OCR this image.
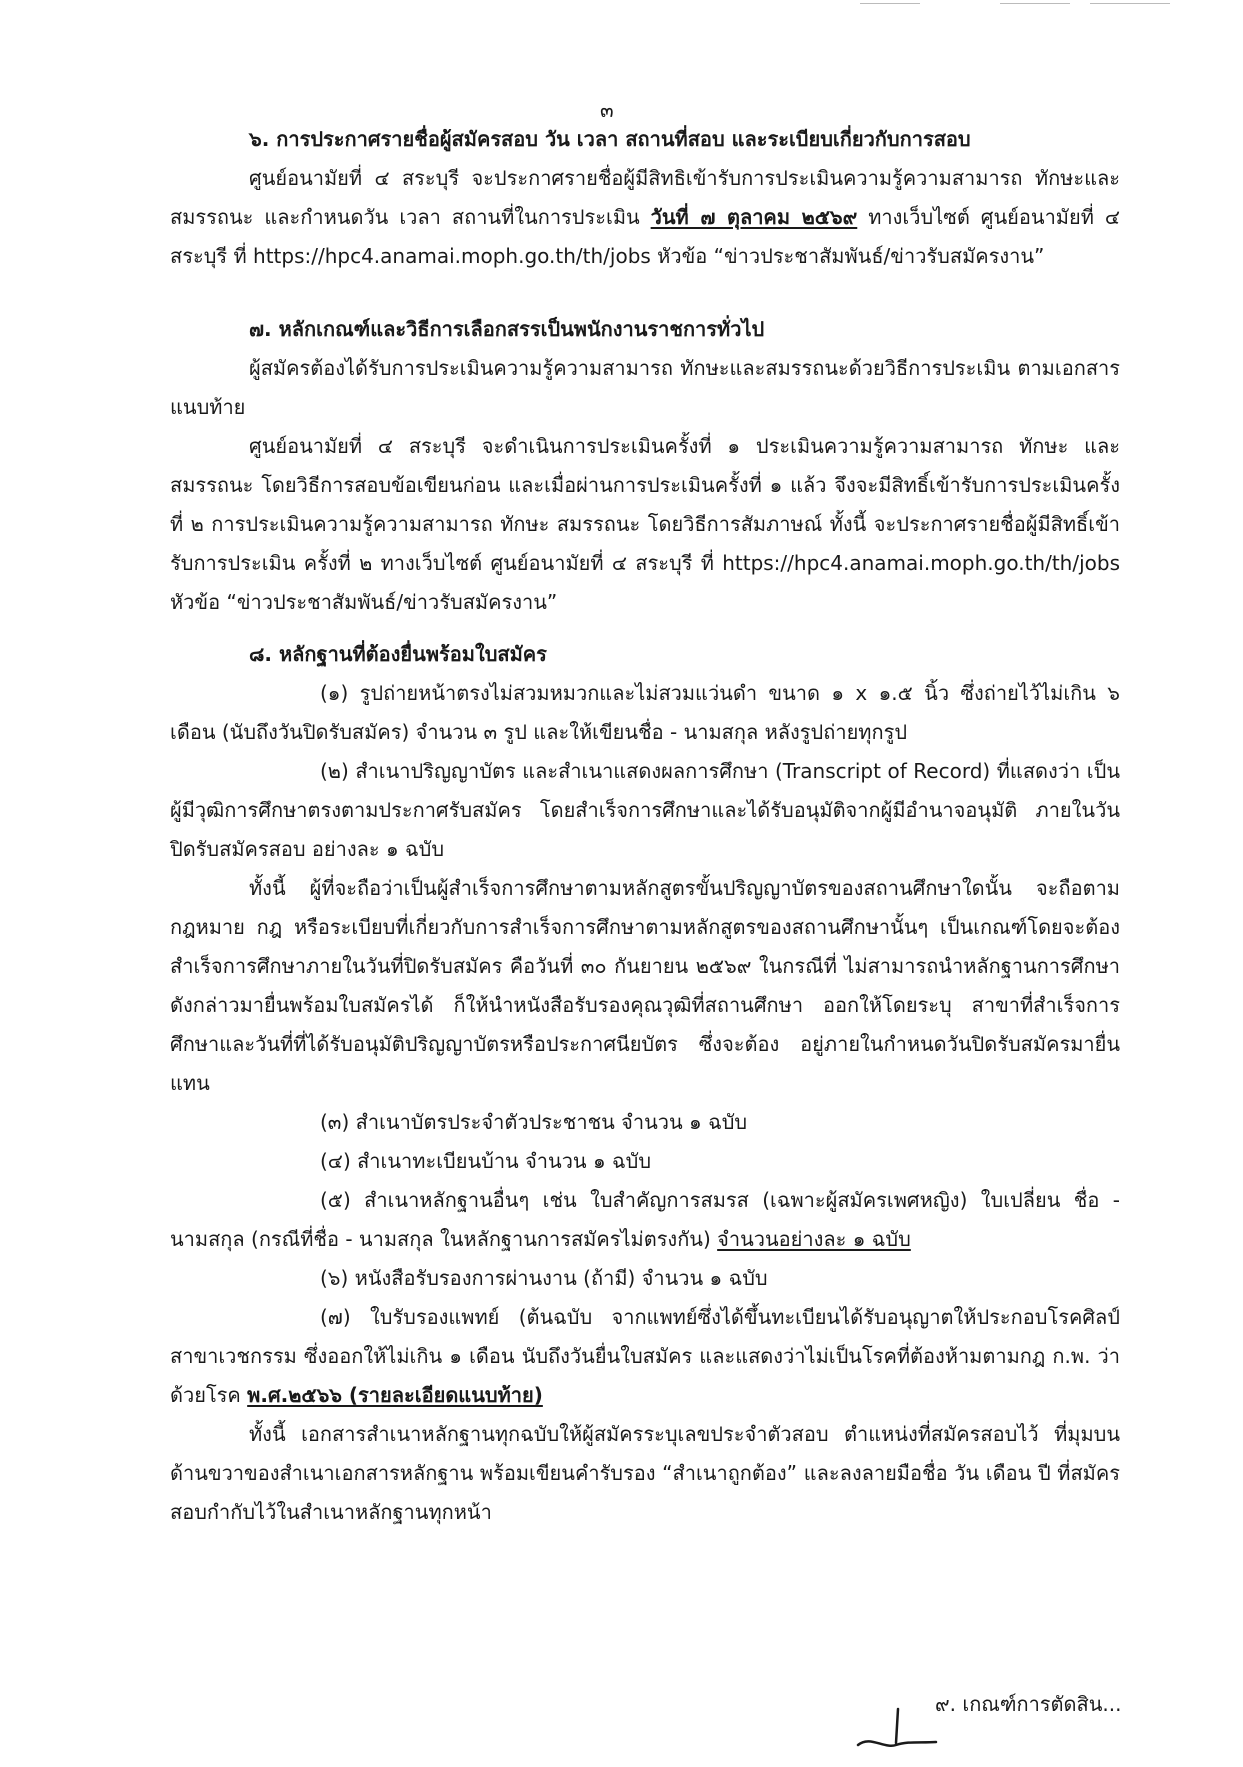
๓

๖. การประกาศรายชื่อผู้สมัครสอบ วัน เวลา สถานที่สอบ และระเบียบเกี่ยวกับการสอบ

ศูนย์อนามัยที่ ๔ สระบุรี จะประกาศรายชื่อผู้มีสิทธิเข้ารับการประเมินความรู้ความสามารถ ทักษะและสมรรถนะ และกำหนดวัน เวลา สถานที่ในการประเมิน วันที่ ๗ ตุลาคม ๒๕๖๙ ทางเว็บไซต์ ศูนย์อนามัยที่ ๔ สระบุรี ที่ https://hpc4.anamai.moph.go.th/th/jobs หัวข้อ “ข่าวประชาสัมพันธ์/ข่าวรับสมัครงาน”

๗. หลักเกณฑ์และวิธีการเลือกสรรเป็นพนักงานราชการทั่วไป

ผู้สมัครต้องได้รับการประเมินความรู้ความสามารถ ทักษะและสมรรถนะด้วยวิธีการประเมิน ตามเอกสารแนบท้าย

ศูนย์อนามัยที่ ๔ สระบุรี จะดำเนินการประเมินครั้งที่ ๑ ประเมินความรู้ความสามารถ ทักษะ และ สมรรถนะ โดยวิธีการสอบข้อเขียนก่อน และเมื่อผ่านการประเมินครั้งที่ ๑ แล้ว จึงจะมีสิทธิ์เข้ารับการประเมินครั้งที่ ๒ การประเมินความรู้ความสามารถ ทักษะ สมรรถนะ โดยวิธีการสัมภาษณ์ ทั้งนี้ จะประกาศรายชื่อผู้มีสิทธิ์เข้ารับการประเมิน ครั้งที่ ๒ ทางเว็บไซต์ ศูนย์อนามัยที่ ๔ สระบุรี ที่ https://hpc4.anamai.moph.go.th/th/jobs หัวข้อ “ข่าวประชาสัมพันธ์/ข่าวรับสมัครงาน”

๘. หลักฐานที่ต้องยื่นพร้อมใบสมัคร

(๑) รูปถ่ายหน้าตรงไม่สวมหมวกและไม่สวมแว่นดำ ขนาด ๑ x ๑.๕ นิ้ว ซึ่งถ่ายไว้ไม่เกิน ๖ เดือน (นับถึงวันปิดรับสมัคร) จำนวน ๓ รูป และให้เขียนชื่อ - นามสกุล หลังรูปถ่ายทุกรูป

(๒) สำเนาปริญญาบัตร และสำเนาแสดงผลการศึกษา (Transcript of Record) ที่แสดงว่า เป็นผู้มีวุฒิการศึกษาตรงตามประกาศรับสมัคร โดยสำเร็จการศึกษาและได้รับอนุมัติจากผู้มีอำนาจอนุมัติ ภายในวันปิดรับสมัครสอบ อย่างละ ๑ ฉบับ

ทั้งนี้ ผู้ที่จะถือว่าเป็นผู้สำเร็จการศึกษาตามหลักสูตรขั้นปริญญาบัตรของสถานศึกษาใดนั้น จะถือตามกฎหมาย กฎ หรือระเบียบที่เกี่ยวกับการสำเร็จการศึกษาตามหลักสูตรของสถานศึกษานั้นๆ เป็นเกณฑ์โดยจะต้องสำเร็จการศึกษาภายในวันที่ปิดรับสมัคร คือวันที่ ๓๐ กันยายน ๒๕๖๙ ในกรณีที่ ไม่สามารถนำหลักฐานการศึกษาดังกล่าวมายื่นพร้อมใบสมัครได้ ก็ให้นำหนังสือรับรองคุณวุฒิที่สถานศึกษา ออกให้โดยระบุ สาขาที่สำเร็จการศึกษาและวันที่ที่ได้รับอนุมัติปริญญาบัตรหรือประกาศนียบัตร ซึ่งจะต้อง อยู่ภายในกำหนดวันปิดรับสมัครมายื่นแทน

(๓) สำเนาบัตรประจำตัวประชาชน จำนวน ๑ ฉบับ

(๔) สำเนาทะเบียนบ้าน จำนวน ๑ ฉบับ

(๕) สำเนาหลักฐานอื่นๆ เช่น ใบสำคัญการสมรส (เฉพาะผู้สมัครเพศหญิง) ใบเปลี่ยน ชื่อ - นามสกุล (กรณีที่ชื่อ - นามสกุล ในหลักฐานการสมัครไม่ตรงกัน) จำนวนอย่างละ ๑ ฉบับ

(๖) หนังสือรับรองการผ่านงาน (ถ้ามี) จำนวน ๑ ฉบับ

(๗) ใบรับรองแพทย์ (ต้นฉบับ จากแพทย์ซึ่งได้ขึ้นทะเบียนได้รับอนุญาตให้ประกอบโรคศิลป์ สาขาเวชกรรม ซึ่งออกให้ไม่เกิน ๑ เดือน นับถึงวันยื่นใบสมัคร และแสดงว่าไม่เป็นโรคที่ต้องห้ามตามกฎ ก.พ. ว่าด้วยโรค พ.ศ.๒๕๖๖ (รายละเอียดแนบท้าย)

ทั้งนี้ เอกสารสำเนาหลักฐานทุกฉบับให้ผู้สมัครระบุเลขประจำตัวสอบ ตำแหน่งที่สมัครสอบไว้ ที่มุมบนด้านขวาของสำเนาเอกสารหลักฐาน พร้อมเขียนคำรับรอง “สำเนาถูกต้อง” และลงลายมือชื่อ วัน เดือน ปี ที่สมัครสอบกำกับไว้ในสำเนาหลักฐานทุกหน้า

๙. เกณฑ์การตัดสิน...
